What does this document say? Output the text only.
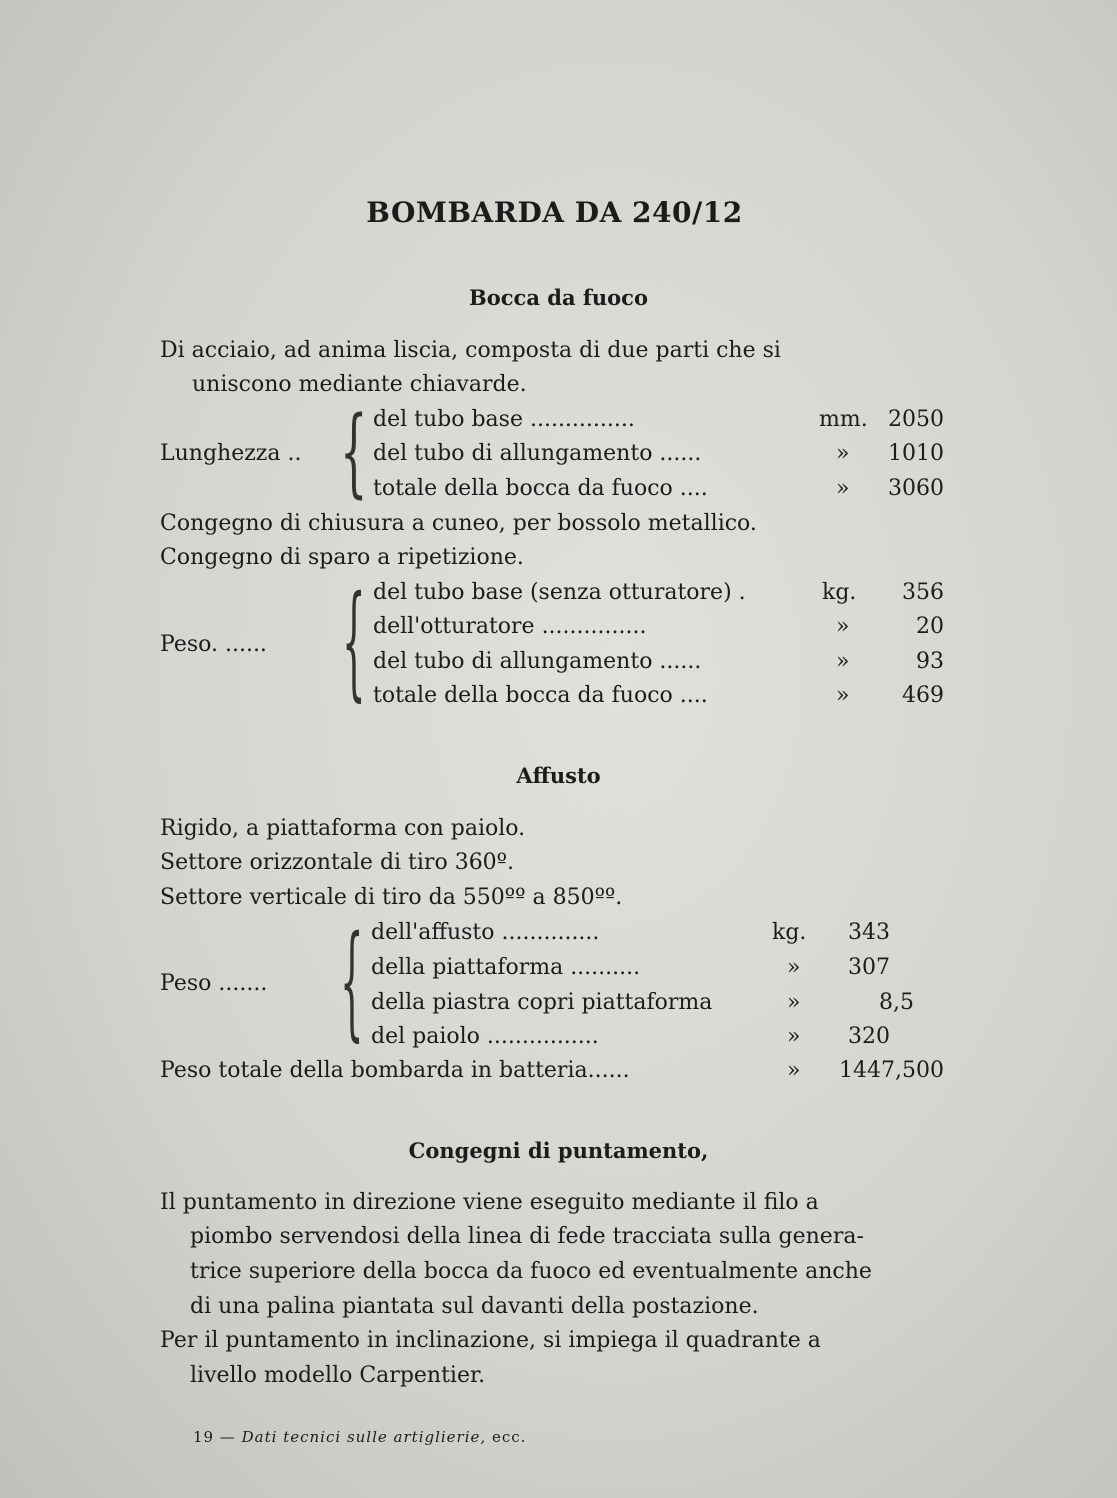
BOMBARDA DA 240/12
Bocca da fuoco
Di acciaio, ad anima liscia, composta di due parti che si
uniscono mediante chiavarde.
Lunghezza .. { del tubo base ...............	mm. 2050
del tubo di allungamento ......	»	1010
totale della bocca da fuoco ....	»	3060
Congegno di chiusura a cuneo, per bossolo metallico.
Congegno di sparo a ripetizione.
Peso. ...... { del tubo base (senza otturatore) .	kg.	356
dell'otturatore ...............	»	20
del tubo di allungamento ......	»	93
totale della bocca da fuoco ....	»	469
Affusto
Rigido, a piattaforma con paiolo.
Settore orizzontale di tiro 360º.
Settore verticale di tiro da 550ºº a 850ºº.
Peso ....... { dell'affusto ..............	kg.	343
della piattaforma ..........	»	307
della piastra copri piattaforma	»	8,5
del paiolo ................	»	320
Peso totale della bombarda in batteria......	»	1447,500
Congegni di puntamento,
Il puntamento in direzione viene eseguito mediante il filo a
piombo servendosi della linea di fede tracciata sulla genera-
trice superiore della bocca da fuoco ed eventualmente anche
di una palina piantata sul davanti della postazione.
Per il puntamento in inclinazione, si impiega il quadrante a
livello modello Carpentier.
19 — Dati tecnici sulle artiglierie, ecc.
